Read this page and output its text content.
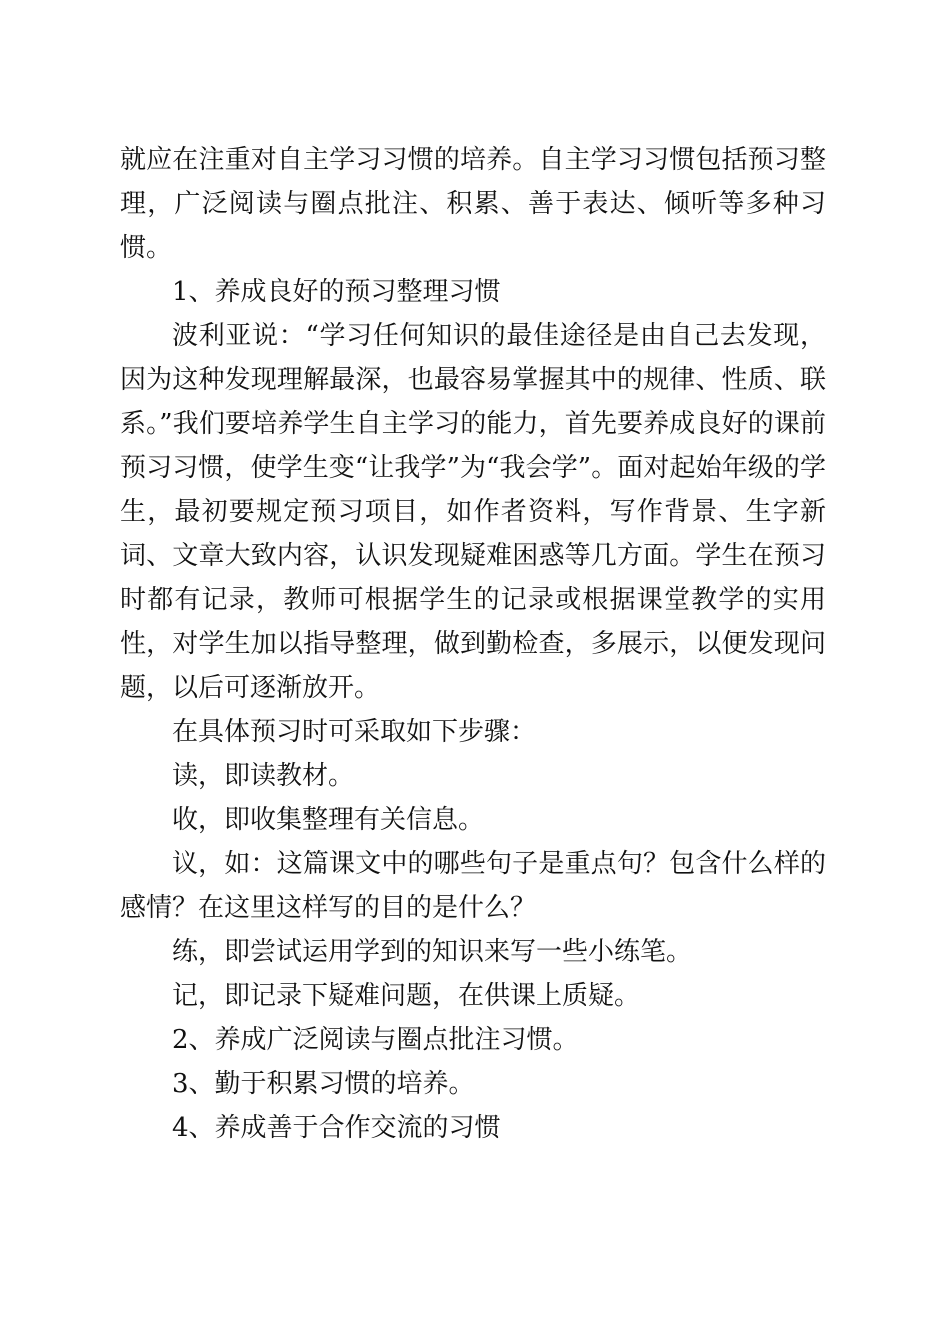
就应在注重对自主学习习惯的培养。自主学习习惯包括预习整理，广泛阅读与圈点批注、积累、善于表达、倾听等多种习惯。

1、养成良好的预习整理习惯

波利亚说：“学习任何知识的最佳途径是由自己去发现，因为这种发现理解最深，也最容易掌握其中的规律、性质、联系。”我们要培养学生自主学习的能力，首先要养成良好的课前预习习惯，使学生变“让我学”为“我会学”。面对起始年级的学生，最初要规定预习项目，如作者资料，写作背景、生字新词、文章大致内容，认识发现疑难困惑等几方面。学生在预习时都有记录，教师可根据学生的记录或根据课堂教学的实用性，对学生加以指导整理，做到勤检查，多展示，以便发现问题，以后可逐渐放开。

在具体预习时可采取如下步骤：

读，即读教材。

收，即收集整理有关信息。

议，如：这篇课文中的哪些句子是重点句？包含什么样的感情？在这里这样写的目的是什么？

练，即尝试运用学到的知识来写一些小练笔。

记，即记录下疑难问题，在供课上质疑。

2、养成广泛阅读与圈点批注习惯。

3、勤于积累习惯的培养。

4、养成善于合作交流的习惯
